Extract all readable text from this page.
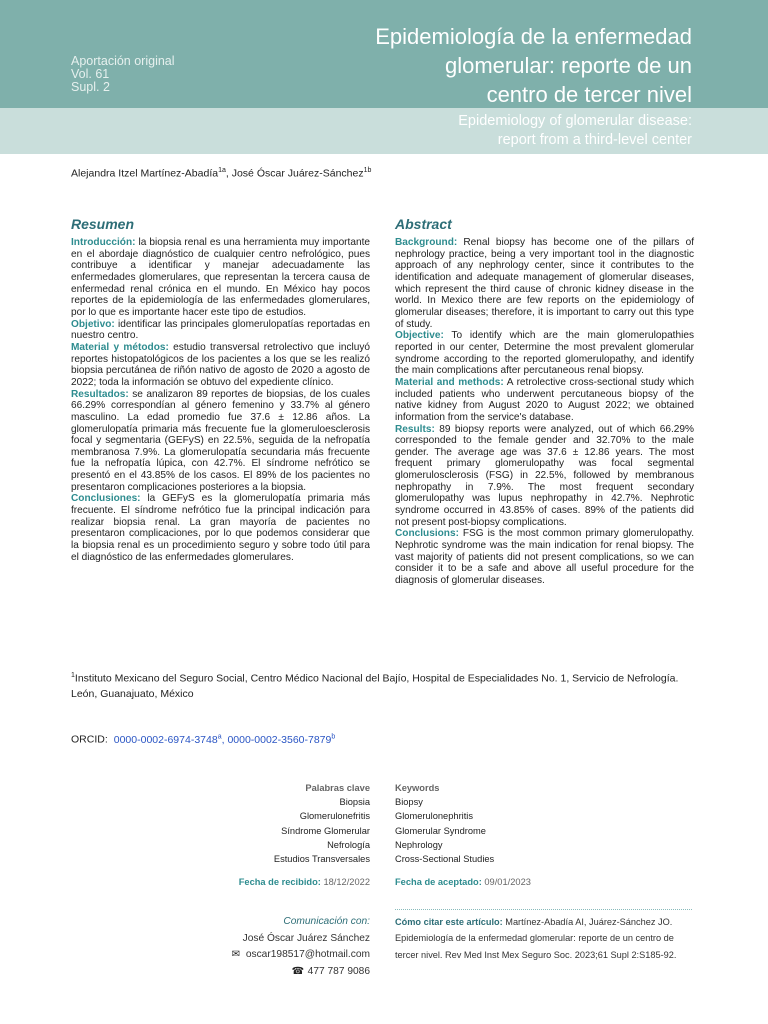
Aportación original
Vol. 61
Supl. 2
Epidemiología de la enfermedad
glomerular: reporte de un
centro de tercer nivel
Epidemiology of glomerular disease:
report from a third-level center
Alejandra Itzel Martínez-Abadía$^{1a}$, José Óscar Juárez-Sánchez$^{1b}$
Resumen

Introducción: la biopsia renal es una herramienta muy importante en el abordaje diagnóstico de cualquier centro nefrológico, pues contribuye a identificar y manejar adecuadamente las enfermedades glomerulares, que representan la tercera causa de enfermedad renal crónica en el mundo. En México hay pocos reportes de la epidemiología de las enfermedades glomerulares, por lo que es importante hacer este tipo de estudios.

Objetivo: identificar las principales glomerulopatías reportadas en nuestro centro.

Material y métodos: estudio transversal retrolectivo que incluyó reportes histopatológicos de los pacientes a los que se les realizó biopsia percutánea de riñón nativo de agosto de 2020 a agosto de 2022; toda la información se obtuvo del expediente clínico.

Resultados: se analizaron 89 reportes de biopsias, de los cuales 66.29% correspondían al género femenino y 33.7% al género masculino. La edad promedio fue 37.6 ± 12.86 años. La glomerulopatía primaria más frecuente fue la glomeruloesclerosis focal y segmentaria (GEFyS) en 22.5%, seguida de la nefropatía membranosa 7.9%. La glomerulopatía secundaria más frecuente fue la nefropatía lúpica, con 42.7%. El síndrome nefrótico se presentó en el 43.85% de los casos. El 89% de los pacientes no presentaron complicaciones posteriores a la biopsia.

Conclusiones: la GEFyS es la glomerulopatía primaria más frecuente. El síndrome nefrótico fue la principal indicación para realizar biopsia renal. La gran mayoría de pacientes no presentaron complicaciones, por lo que podemos considerar que la biopsia renal es un procedimiento seguro y sobre todo útil para el diagnóstico de las enfermedades glomerulares.

Abstract

Background: Renal biopsy has become one of the pillars of nephrology practice, being a very important tool in the diagnostic approach of any nephrology center, since it contributes to the identification and adequate management of glomerular diseases, which represent the third cause of chronic kidney disease in the world. In Mexico there are few reports on the epidemiology of glomerular diseases; therefore, it is important to carry out this type of study.

Objective: To identify which are the main glomerulopathies reported in our center, Determine the most prevalent glomerular syndrome according to the reported glomerulopathy, and identify the main complications after percutaneous renal biopsy.

Material and methods: A retrolective cross-sectional study which included patients who underwent percutaneous biopsy of the native kidney from August 2020 to August 2022; we obtained information from the service's database.

Results: 89 biopsy reports were analyzed, out of which 66.29% corresponded to the female gender and 32.70% to the male gender. The average age was 37.6 ± 12.86 years. The most frequent primary glomerulopathy was focal segmental glomerulosclerosis (FSG) in 22.5%, followed by membranous nephropathy in 7.9%. The most frequent secondary glomerulopathy was lupus nephropathy in 42.7%. Nephrotic syndrome occurred in 43.85% of cases. 89% of the patients did not present post-biopsy complications.

Conclusions: FSG is the most common primary glomerulopathy. Nephrotic syndrome was the main indication for renal biopsy. The vast majority of patients did not present complications, so we can consider it to be a safe and above all useful procedure for the diagnosis of glomerular diseases.

$^1$Instituto Mexicano del Seguro Social, Centro Médico Nacional del Bajío, Hospital de Especialidades No. 1, Servicio de Nefrología. León, Guanajuato, México
ORCID: 0000-0002-6974-3748$^a$, 0000-0002-3560-7879$^b$
Palabras clave
Biopsia
Glomerulonefritis
Síndrome Glomerular
Nefrología
Estudios Transversales
Keywords
Biopsy
Glomerulonephritis
Glomerular Syndrome
Nephrology
Cross-Sectional Studies
Fecha de recibido: 18/12/2022	Fecha de aceptado: 09/01/2023
Comunicación con:
José Óscar Juárez Sánchez
✉ oscar198517@hotmail.com
☎ 477 787 9086
Cómo citar este artículo: Martínez-Abadía AI, Juárez-Sánchez JO. Epidemiología de la enfermedad glomerular: reporte de un centro de tercer nivel. Rev Med Inst Mex Seguro Soc. 2023;61 Supl 2:S185-92.
